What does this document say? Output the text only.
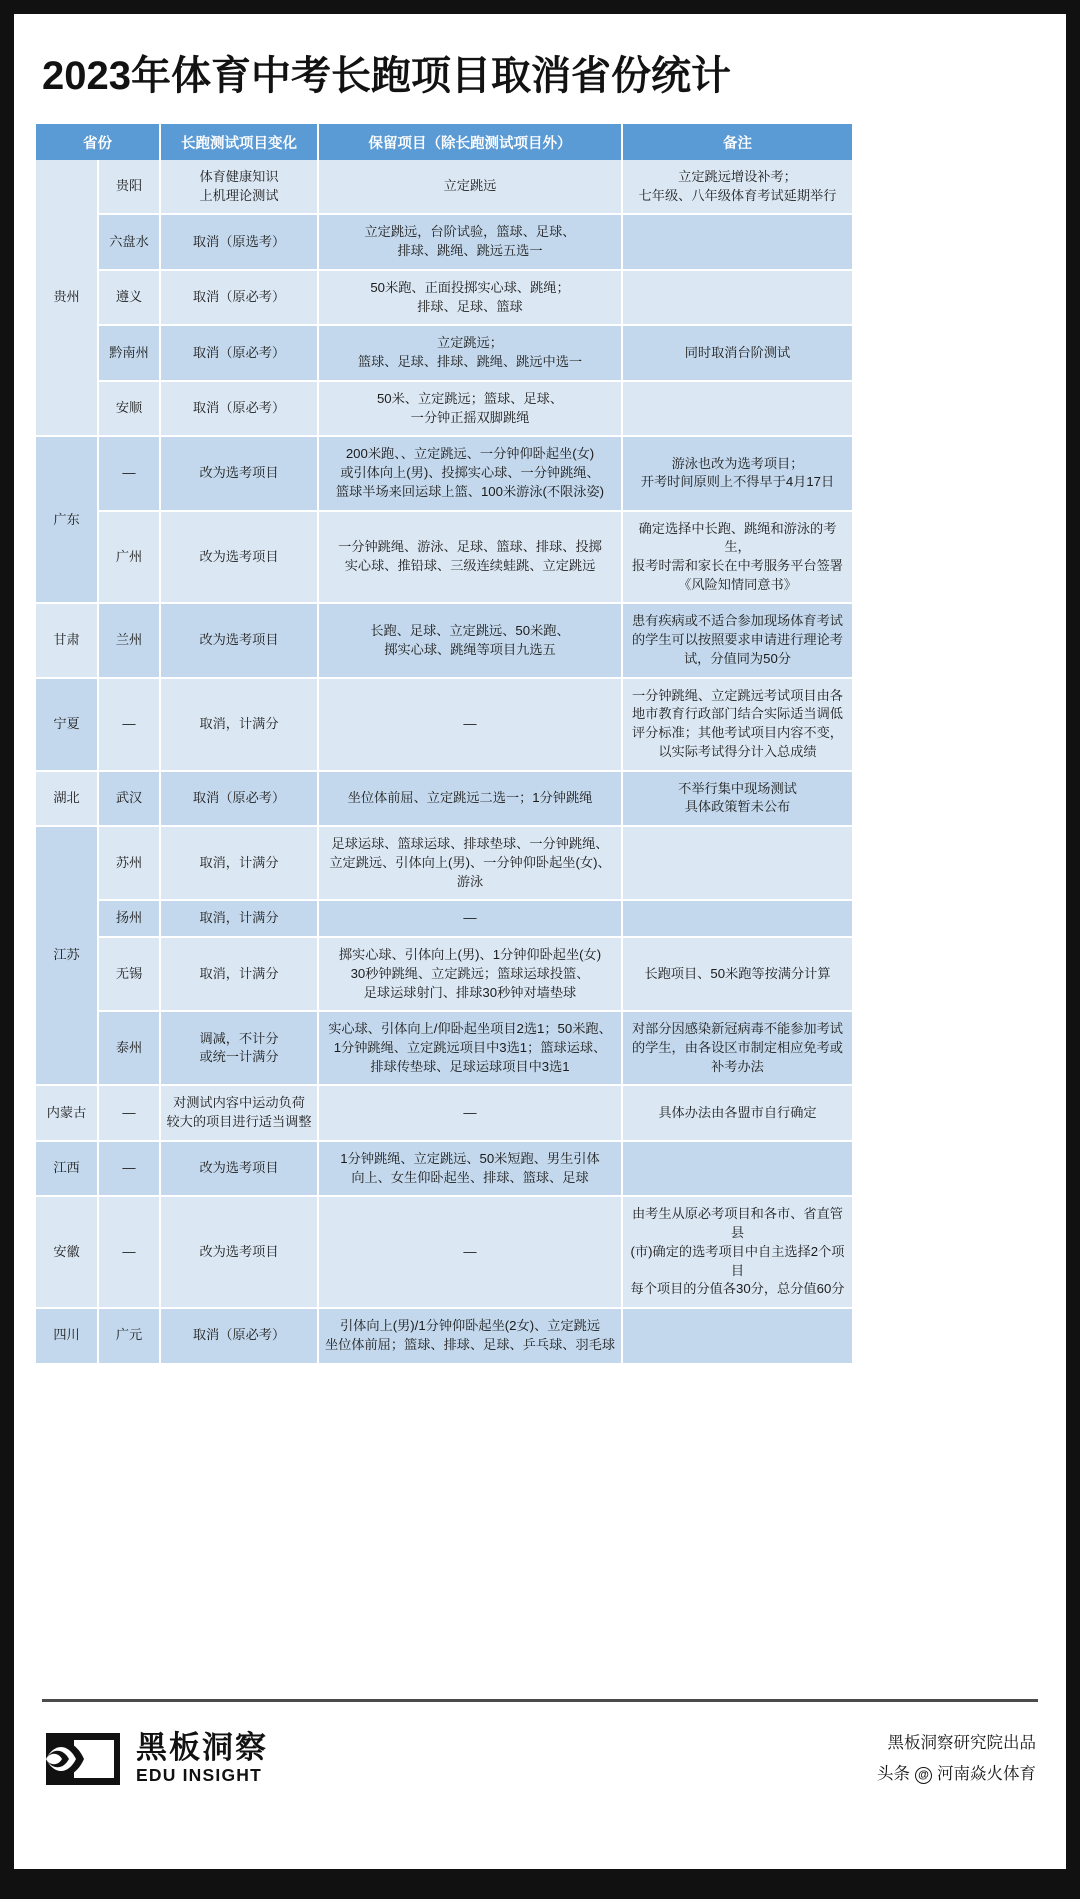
2023年体育中考长跑项目取消省份统计
省份		长跑测试项目变化	保留项目（除长跑测试项目外）	备注
贵州	贵阳	体育健康知识
上机理论测试	立定跳远	立定跳远增设补考；
七年级、八年级体育考试延期举行
	六盘水	取消（原选考）	立定跳远，台阶试验，篮球、足球、
排球、跳绳、跳远五选一	
	遵义	取消（原必考）	50米跑、正面投掷实心球、跳绳；
排球、足球、篮球	
	黔南州	取消（原必考）	立定跳远；
篮球、足球、排球、跳绳、跳远中选一	同时取消台阶测试
	安顺	取消（原必考）	50米、立定跳远；篮球、足球、
一分钟正摇双脚跳绳	
广东	—	改为选考项目	200米跑、、立定跳远、一分钟仰卧起坐(女)
或引体向上(男)、投掷实心球、一分钟跳绳、
篮球半场来回运球上篮、100米游泳(不限泳姿)	游泳也改为选考项目；
开考时间原则上不得早于4月17日
	广州	改为选考项目	一分钟跳绳、游泳、足球、篮球、排球、投掷
实心球、推铅球、三级连续蛙跳、立定跳远	确定选择中长跑、跳绳和游泳的考生，
报考时需和家长在中考服务平台签署
《风险知情同意书》
甘肃	兰州	改为选考项目	长跑、足球、立定跳远、50米跑、
掷实心球、跳绳等项目九选五	患有疾病或不适合参加现场体育考试
的学生可以按照要求申请进行理论考
试，分值同为50分
宁夏	—	取消，计满分	—	一分钟跳绳、立定跳远考试项目由各
地市教育行政部门结合实际适当调低
评分标准；其他考试项目内容不变，
以实际考试得分计入总成绩
湖北	武汉	取消（原必考）	坐位体前屈、立定跳远二选一；1分钟跳绳	不举行集中现场测试
具体政策暂未公布
江苏	苏州	取消，计满分	足球运球、篮球运球、排球垫球、一分钟跳绳、
立定跳远、引体向上(男)、一分钟仰卧起坐(女)、
游泳	
	扬州	取消，计满分	—	
	无锡	取消，计满分	掷实心球、引体向上(男)、1分钟仰卧起坐(女)
30秒钟跳绳、立定跳远；篮球运球投篮、
足球运球射门、排球30秒钟对墙垫球	长跑项目、50米跑等按满分计算
	泰州	调减，不计分
或统一计满分	实心球、引体向上/仰卧起坐项目2选1；50米跑、
1分钟跳绳、立定跳远项目中3选1；篮球运球、
排球传垫球、足球运球项目中3选1	对部分因感染新冠病毒不能参加考试
的学生，由各设区市制定相应免考或
补考办法
内蒙古	—	对测试内容中运动负荷
较大的项目进行适当调整	—	具体办法由各盟市自行确定
江西	—	改为选考项目	1分钟跳绳、立定跳远、50米短跑、男生引体
向上、女生仰卧起坐、排球、篮球、足球	
安徽	—	改为选考项目	—	由考生从原必考项目和各市、省直管县
(市)确定的选考项目中自主选择2个项目
每个项目的分值各30分，总分值60分
四川	广元	取消（原必考）	引体向上(男)/1分钟仰卧起坐(2女)、立定跳远
坐位体前屈；篮球、排球、足球、乒乓球、羽毛球	
黑板洞察
EDU INSIGHT
黑板洞察研究院出品
头条 @ 河南焱火体育
